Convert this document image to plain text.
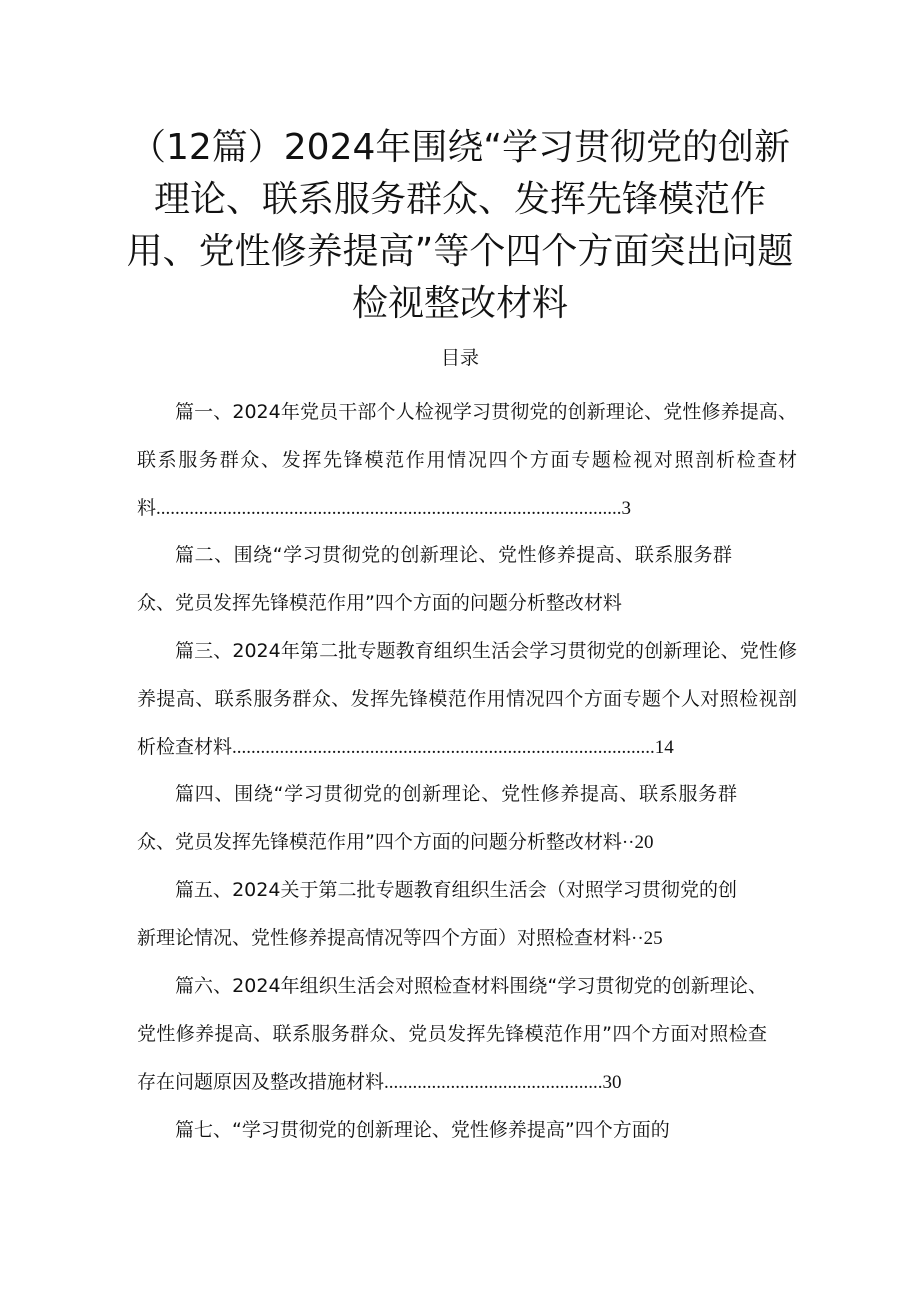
（12篇）2024年围绕“学习贯彻党的创新理论、联系服务群众、发挥先锋模范作用、党性修养提高”等个四个方面突出问题检视整改材料
目录
篇一、2024年党员干部个人检视学习贯彻党的创新理论、党性修养提高、联系服务群众、发挥先锋模范作用情况四个方面专题检视对照剖析检查材料..................................................................................................3
篇二、围绕“学习贯彻党的创新理论、党性修养提高、联系服务群众、党员发挥先锋模范作用”四个方面的问题分析整改材料
篇三、2024年第二批专题教育组织生活会学习贯彻党的创新理论、党性修养提高、联系服务群众、发挥先锋模范作用情况四个方面专题个人对照检视剖析检查材料.........................................................................................14
篇四、围绕“学习贯彻党的创新理论、党性修养提高、联系服务群众、党员发挥先锋模范作用”四个方面的问题分析整改材料··20
篇五、2024关于第二批专题教育组织生活会（对照学习贯彻党的创新理论情况、党性修养提高情况等四个方面）对照检查材料··25
篇六、2024年组织生活会对照检查材料围绕“学习贯彻党的创新理论、党性修养提高、联系服务群众、党员发挥先锋模范作用”四个方面对照检查存在问题原因及整改措施材料..............................................30
篇七、“学习贯彻党的创新理论、党性修养提高”四个方面的
